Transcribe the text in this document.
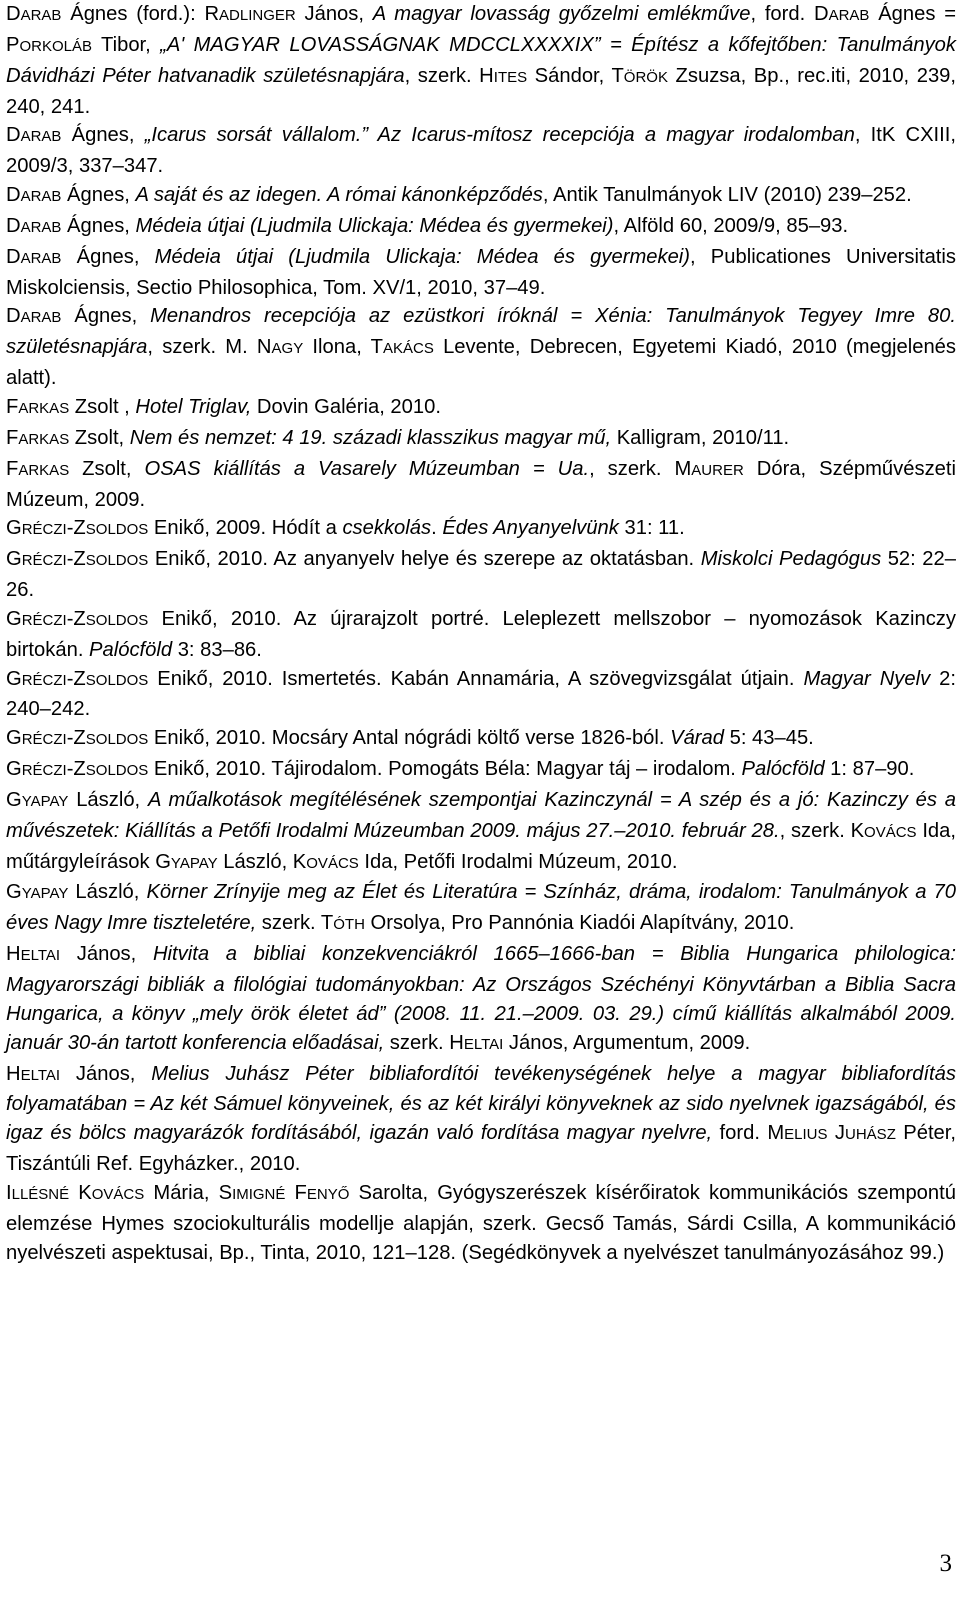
DARAB Ágnes (ford.): RADLINGER János, A magyar lovasság győzelmi emlékműve, ford. DARAB Ágnes = PORKOLÁB Tibor, „A' MAGYAR LOVASSÁGNAK MDCCLXXXXIX” = Építész a kőfejtőben: Tanulmányok Dávidházi Péter hatvanadik születésnapjára, szerk. HITES Sándor, TÖRÖK Zsuzsa, Bp., rec.iti, 2010, 239, 240, 241.

DARAB Ágnes, „Icarus sorsát vállalom.” Az Icarus-mítosz recepciója a magyar irodalomban, ItK CXIII, 2009/3, 337–347.

DARAB Ágnes, A saját és az idegen. A római kánonképződés, Antik Tanulmányok LIV (2010) 239–252.

DARAB Ágnes, Médeia útjai (Ljudmila Ulickaja: Médea és gyermekei), Alföld 60, 2009/9, 85–93.

DARAB Ágnes, Médeia útjai (Ljudmila Ulickaja: Médea és gyermekei), Publicationes Universitatis Miskolciensis, Sectio Philosophica, Tom. XV/1, 2010, 37–49.

DARAB Ágnes, Menandros recepciója az ezüstkori íróknál = Xénia: Tanulmányok Tegyey Imre 80. születésnapjára, szerk. M. NAGY Ilona, TAKÁCS Levente, Debrecen, Egyetemi Kiadó, 2010 (megjelenés alatt).

FARKAS Zsolt , Hotel Triglav, Dovin Galéria, 2010.

FARKAS Zsolt, Nem és nemzet: 4 19. századi klasszikus magyar mű, Kalligram, 2010/11.

FARKAS Zsolt, OSAS kiállítás a Vasarely Múzeumban = Ua., szerk. MAURER Dóra, Szépművészeti Múzeum, 2009.

GRÉCZI-ZSOLDOS Enikő, 2009. Hódít a csekkolás. Édes Anyanyelvünk 31: 11.

GRÉCZI-ZSOLDOS Enikő, 2010. Az anyanyelv helye és szerepe az oktatásban. Miskolci Pedagógus 52: 22–26.

GRÉCZI-ZSOLDOS Enikő, 2010. Az újrarajzolt portré. Leleplezett mellszobor – nyomozások Kazinczy birtokán. Palócföld 3: 83–86.

GRÉCZI-ZSOLDOS Enikő, 2010. Ismertetés. Kabán Annamária, A szövegvizsgálat útjain. Magyar Nyelv 2: 240–242.

GRÉCZI-ZSOLDOS Enikő, 2010. Mocsáry Antal nógrádi költő verse 1826-ból. Várad 5: 43–45.

GRÉCZI-ZSOLDOS Enikő, 2010. Tájirodalom. Pomogáts Béla: Magyar táj – irodalom. Palócföld 1: 87–90.

GYAPAY László, A műalkotások megítélésének szempontjai Kazinczynál = A szép és a jó: Kazinczy és a művészetek: Kiállítás a Petőfi Irodalmi Múzeumban 2009. május 27.–2010. február 28., szerk. KOVÁCS Ida, műtárgyleírások GYAPAY László, KOVÁCS Ida, Petőfi Irodalmi Múzeum, 2010.

GYAPAY László, Körner Zrínyije meg az Élet és Literatúra = Színház, dráma, irodalom: Tanulmányok a 70 éves Nagy Imre tiszteletére, szerk. TÓTH Orsolya, Pro Pannónia Kiadói Alapítvány, 2010.

HELTAI János, Hitvita a bibliai konzekvenciákról 1665–1666-ban = Biblia Hungarica philologica: Magyarországi bibliák a filológiai tudományokban: Az Országos Széchényi Könyvtárban a Biblia Sacra Hungarica, a könyv „mely örök életet ád” (2008. 11. 21.–2009. 03. 29.) című kiállítás alkalmából 2009. január 30-án tartott konferencia előadásai, szerk. HELTAI János, Argumentum, 2009.

HELTAI János, Melius Juhász Péter bibliafordítói tevékenységének helye a magyar bibliafordítás folyamatában = Az két Sámuel könyveinek, és az két királyi könyveknek az sido nyelvnek igazságából, és igaz és bölcs magyarázók fordításából, igazán való fordítása magyar nyelvre, ford. MELIUS JUHÁSZ Péter, Tiszántúli Ref. Egyházker., 2010.

ILLÉSNÉ KOVÁCS Mária, SIMIGNÉ FENYŐ Sarolta, Gyógyszerészek kísérőiratok kommunikációs szempontú elemzése Hymes szociokulturális modellje alapján, szerk. Gecső Tamás, Sárdi Csilla, A kommunikáció nyelvészeti aspektusai, Bp., Tinta, 2010, 121–128. (Segédkönyvek a nyelvészet tanulmányozásához 99.)

3
